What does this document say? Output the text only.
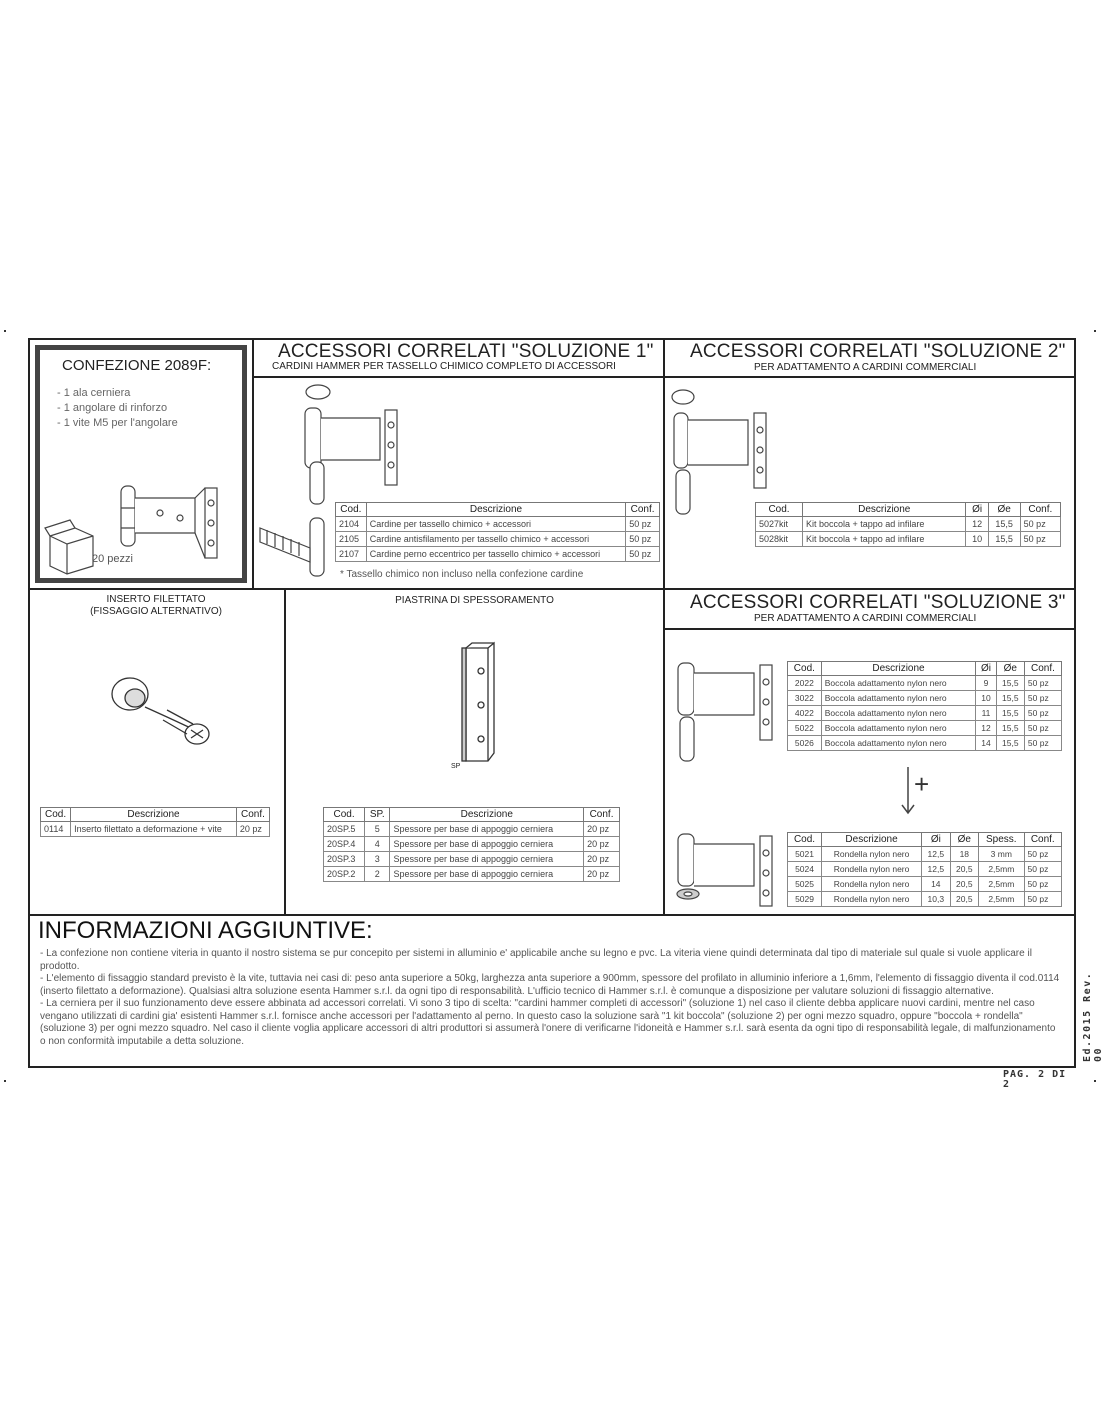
CONFEZIONE 2089F:
- 1 ala cerniera
- 1 angolare di rinforzo
- 1 vite M5 per l'angolare
20 pezzi
ACCESSORI CORRELATI "SOLUZIONE 1"
CARDINI HAMMER PER TASSELLO CHIMICO COMPLETO DI ACCESSORI
Cod.	Descrizione	Conf.
2104	Cardine per tassello chimico + accessori	50 pz
2105	Cardine antisfilamento per tassello chimico + accessori	50 pz
2107	Cardine perno eccentrico per tassello chimico + accessori	50 pz
* Tassello chimico non incluso nella confezione cardine
ACCESSORI CORRELATI "SOLUZIONE 2"
PER ADATTAMENTO A CARDINI COMMERCIALI
Cod.	Descrizione	Øi	Øe	Conf.
5027kit	Kit boccola + tappo ad infilare	12	15,5	50 pz
5028kit	Kit boccola + tappo ad infilare	10	15,5	50 pz
INSERTO FILETTATO
(FISSAGGIO ALTERNATIVO)
Cod.	Descrizione	Conf.
0114	Inserto filettato a deformazione + vite	20 pz
PIASTRINA DI SPESSORAMENTO
SP
Cod.	SP.	Descrizione	Conf.
20SP.5	5	Spessore per base di appoggio cerniera	20 pz
20SP.4	4	Spessore per base di appoggio cerniera	20 pz
20SP.3	3	Spessore per base di appoggio cerniera	20 pz
20SP.2	2	Spessore per base di appoggio cerniera	20 pz
ACCESSORI CORRELATI "SOLUZIONE 3"
PER ADATTAMENTO A CARDINI COMMERCIALI
+
Cod.	Descrizione	Øi	Øe	Conf.
2022	Boccola adattamento nylon nero	9	15,5	50 pz
3022	Boccola adattamento nylon nero	10	15,5	50 pz
4022	Boccola adattamento nylon nero	11	15,5	50 pz
5022	Boccola adattamento nylon nero	12	15,5	50 pz
5026	Boccola adattamento nylon nero	14	15,5	50 pz
Cod.	Descrizione	Øi	Øe	Spess.	Conf.
5021	Rondella nylon nero	12,5	18	3 mm	50 pz
5024	Rondella nylon nero	12,5	20,5	2,5mm	50 pz
5025	Rondella nylon nero	14	20,5	2,5mm	50 pz
5029	Rondella nylon nero	10,3	20,5	2,5mm	50 pz
INFORMAZIONI AGGIUNTIVE:

- La confezione non contiene viteria in quanto il nostro sistema se pur concepito per sistemi in alluminio e' applicabile anche su legno e pvc. La viteria viene quindi determinata dal tipo di materiale sul quale si vuole applicare il prodotto.

- L'elemento di fissaggio standard previsto è la vite, tuttavia nei casi di: peso anta superiore a 50kg, larghezza anta superiore a 900mm, spessore del profilato in alluminio inferiore a 1,6mm, l'elemento di fissaggio diventa il cod.0114 (inserto filettato a deformazione). Qualsiasi altra soluzione esenta Hammer s.r.l. da ogni tipo di responsabilità. L'ufficio tecnico di Hammer s.r.l. è comunque a disposizione per valutare soluzioni di fissaggio alternative.

- La cerniera per il suo funzionamento deve essere abbinata ad accessori correlati. Vi sono 3 tipo di scelta: "cardini hammer completi di accessori" (soluzione 1) nel caso il cliente debba applicare nuovi cardini, mentre nel caso vengano utilizzati di cardini gia' esistenti Hammer s.r.l. fornisce anche accessori per l'adattamento al perno. In questo caso la soluzione sarà "1 kit boccola" (soluzione 2) per ogni mezzo squadro, oppure "boccola + rondella" (soluzione 3) per ogni mezzo squadro. Nel caso il cliente voglia applicare accessori di altri produttori si assumerà l'onere di verificarne l'idoneità e Hammer s.r.l. sarà esenta da ogni tipo di responsabilità legale, di malfunzionamento o non conformità imputabile a detta soluzione.

PAG. 2 DI 2
Ed.2015 Rev. 00
